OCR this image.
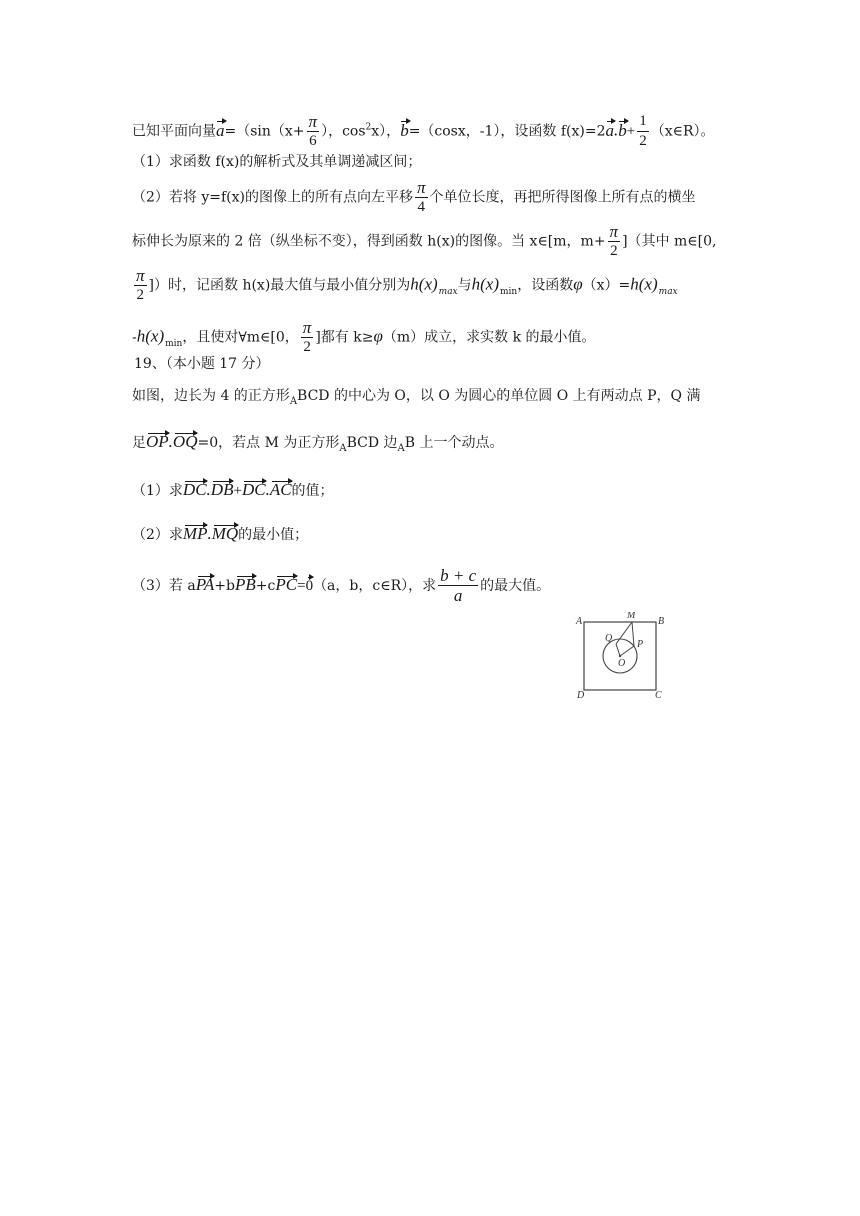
已知平面向量$a=(\sin(x+ \frac{\pi}{6}$ ），$\cos^2x$），b=（cosx，-1），设函数 $f(x)=2a.b+ \frac{1}{2}$ （x∈R）。
（1）求函数 f(x)的解析式及其单调递减区间；
（2）若将 y=f(x)的图像上的所有点向左平移 $\frac{\pi}{4}$ 个单位长度，再把所得图像上所有点的横坐
标伸长为原来的 2 倍（纵坐标不变），得到函数 h(x)的图像。当 x∈[m，$m+ \frac{\pi}{2}$ ]（其中 m∈[0,
$\frac{\pi}{2}$ ]）时，记函数 h(x)最大值与最小值分别为$h(x)_{max}$与$h(x)_{min}$，设函数$\varphi(x)=h(x)_{max}$
$-h(x)_{min}$，且使对∀m∈[0， $\frac{\pi}{2}$ ]都有 k≥φ（m）成立，求实数 k 的最小值。
19、（本小题 17 分）
如图，边长为 4 的正方形$_A$BCD 的中心为 O，以 O 为圆心的单位圆 O 上有两动点 P，Q 满
足OP.OQ=0，若点 M 为正方形$_A$BCD 边$_A$B 上一个动点。
（1）求DC.DB+DC.AC的值；
（2）求MP.MQ的最小值；
（3）若 aPA+bPB+cPC=0（a，b，c∈R），求 $\frac{b + c}{a}$ 的最大值。
A	B
C
D
M
Q
P
O
